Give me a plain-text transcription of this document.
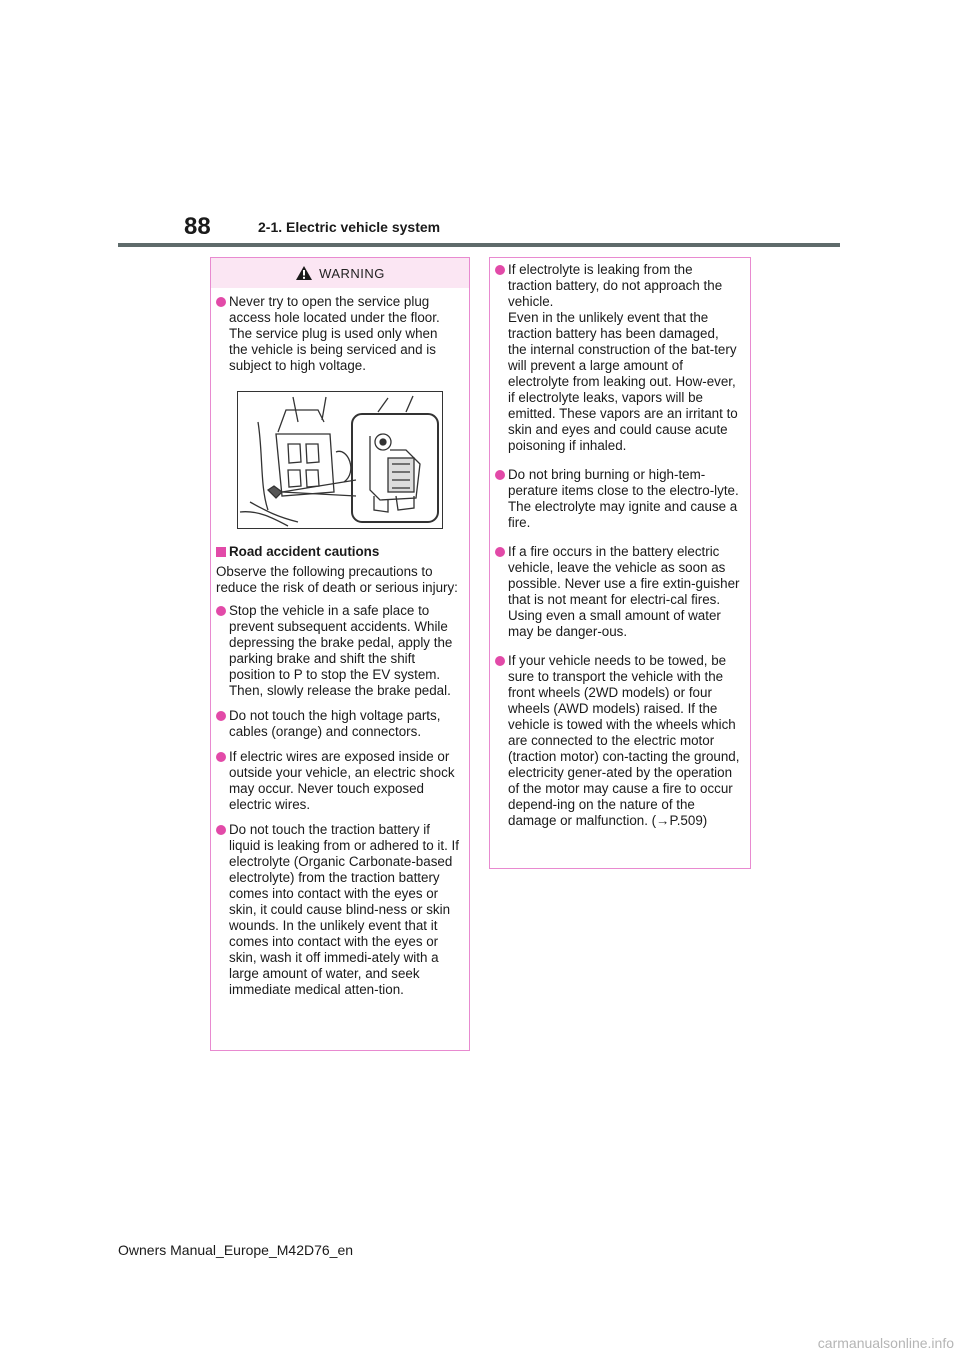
88	2-1. Electric vehicle system
WARNING

Never try to open the service plug access hole located under the floor. The service plug is used only when the vehicle is being serviced and is subject to high voltage.

Road accident cautions

Observe the following precautions to reduce the risk of death or serious injury:

Stop the vehicle in a safe place to prevent subsequent accidents. While depressing the brake pedal, apply the parking brake and shift the shift position to P to stop the EV system. Then, slowly release the brake pedal.

Do not touch the high voltage parts, cables (orange) and connectors.

If electric wires are exposed inside or outside your vehicle, an electric shock may occur. Never touch exposed electric wires.

Do not touch the traction battery if liquid is leaking from or adhered to it. If electrolyte (Organic Carbonate-based electrolyte) from the traction battery comes into contact with the eyes or skin, it could cause blind-ness or skin wounds. In the unlikely event that it comes into contact with the eyes or skin, wash it off immedi-ately with a large amount of water, and seek immediate medical atten-tion.

If electrolyte is leaking from the traction battery, do not approach the vehicle.

Even in the unlikely event that the traction battery has been damaged, the internal construction of the bat-tery will prevent a large amount of electrolyte from leaking out. How-ever, if electrolyte leaks, vapors will be emitted. These vapors are an irritant to skin and eyes and could cause acute poisoning if inhaled.

Do not bring burning or high-tem-perature items close to the electro-lyte. The electrolyte may ignite and cause a fire.

If a fire occurs in the battery electric vehicle, leave the vehicle as soon as possible. Never use a fire extin-guisher that is not meant for electri-cal fires. Using even a small amount of water may be danger-ous.

If your vehicle needs to be towed, be sure to transport the vehicle with the front wheels (2WD models) or four wheels (AWD models) raised. If the vehicle is towed with the wheels which are connected to the electric motor (traction motor) con-tacting the ground, electricity gener-ated by the operation of the motor may cause a fire to occur depend-ing on the nature of the damage or malfunction. (→P.509)

Owners Manual_Europe_M42D76_en
carmanualsonline.info
